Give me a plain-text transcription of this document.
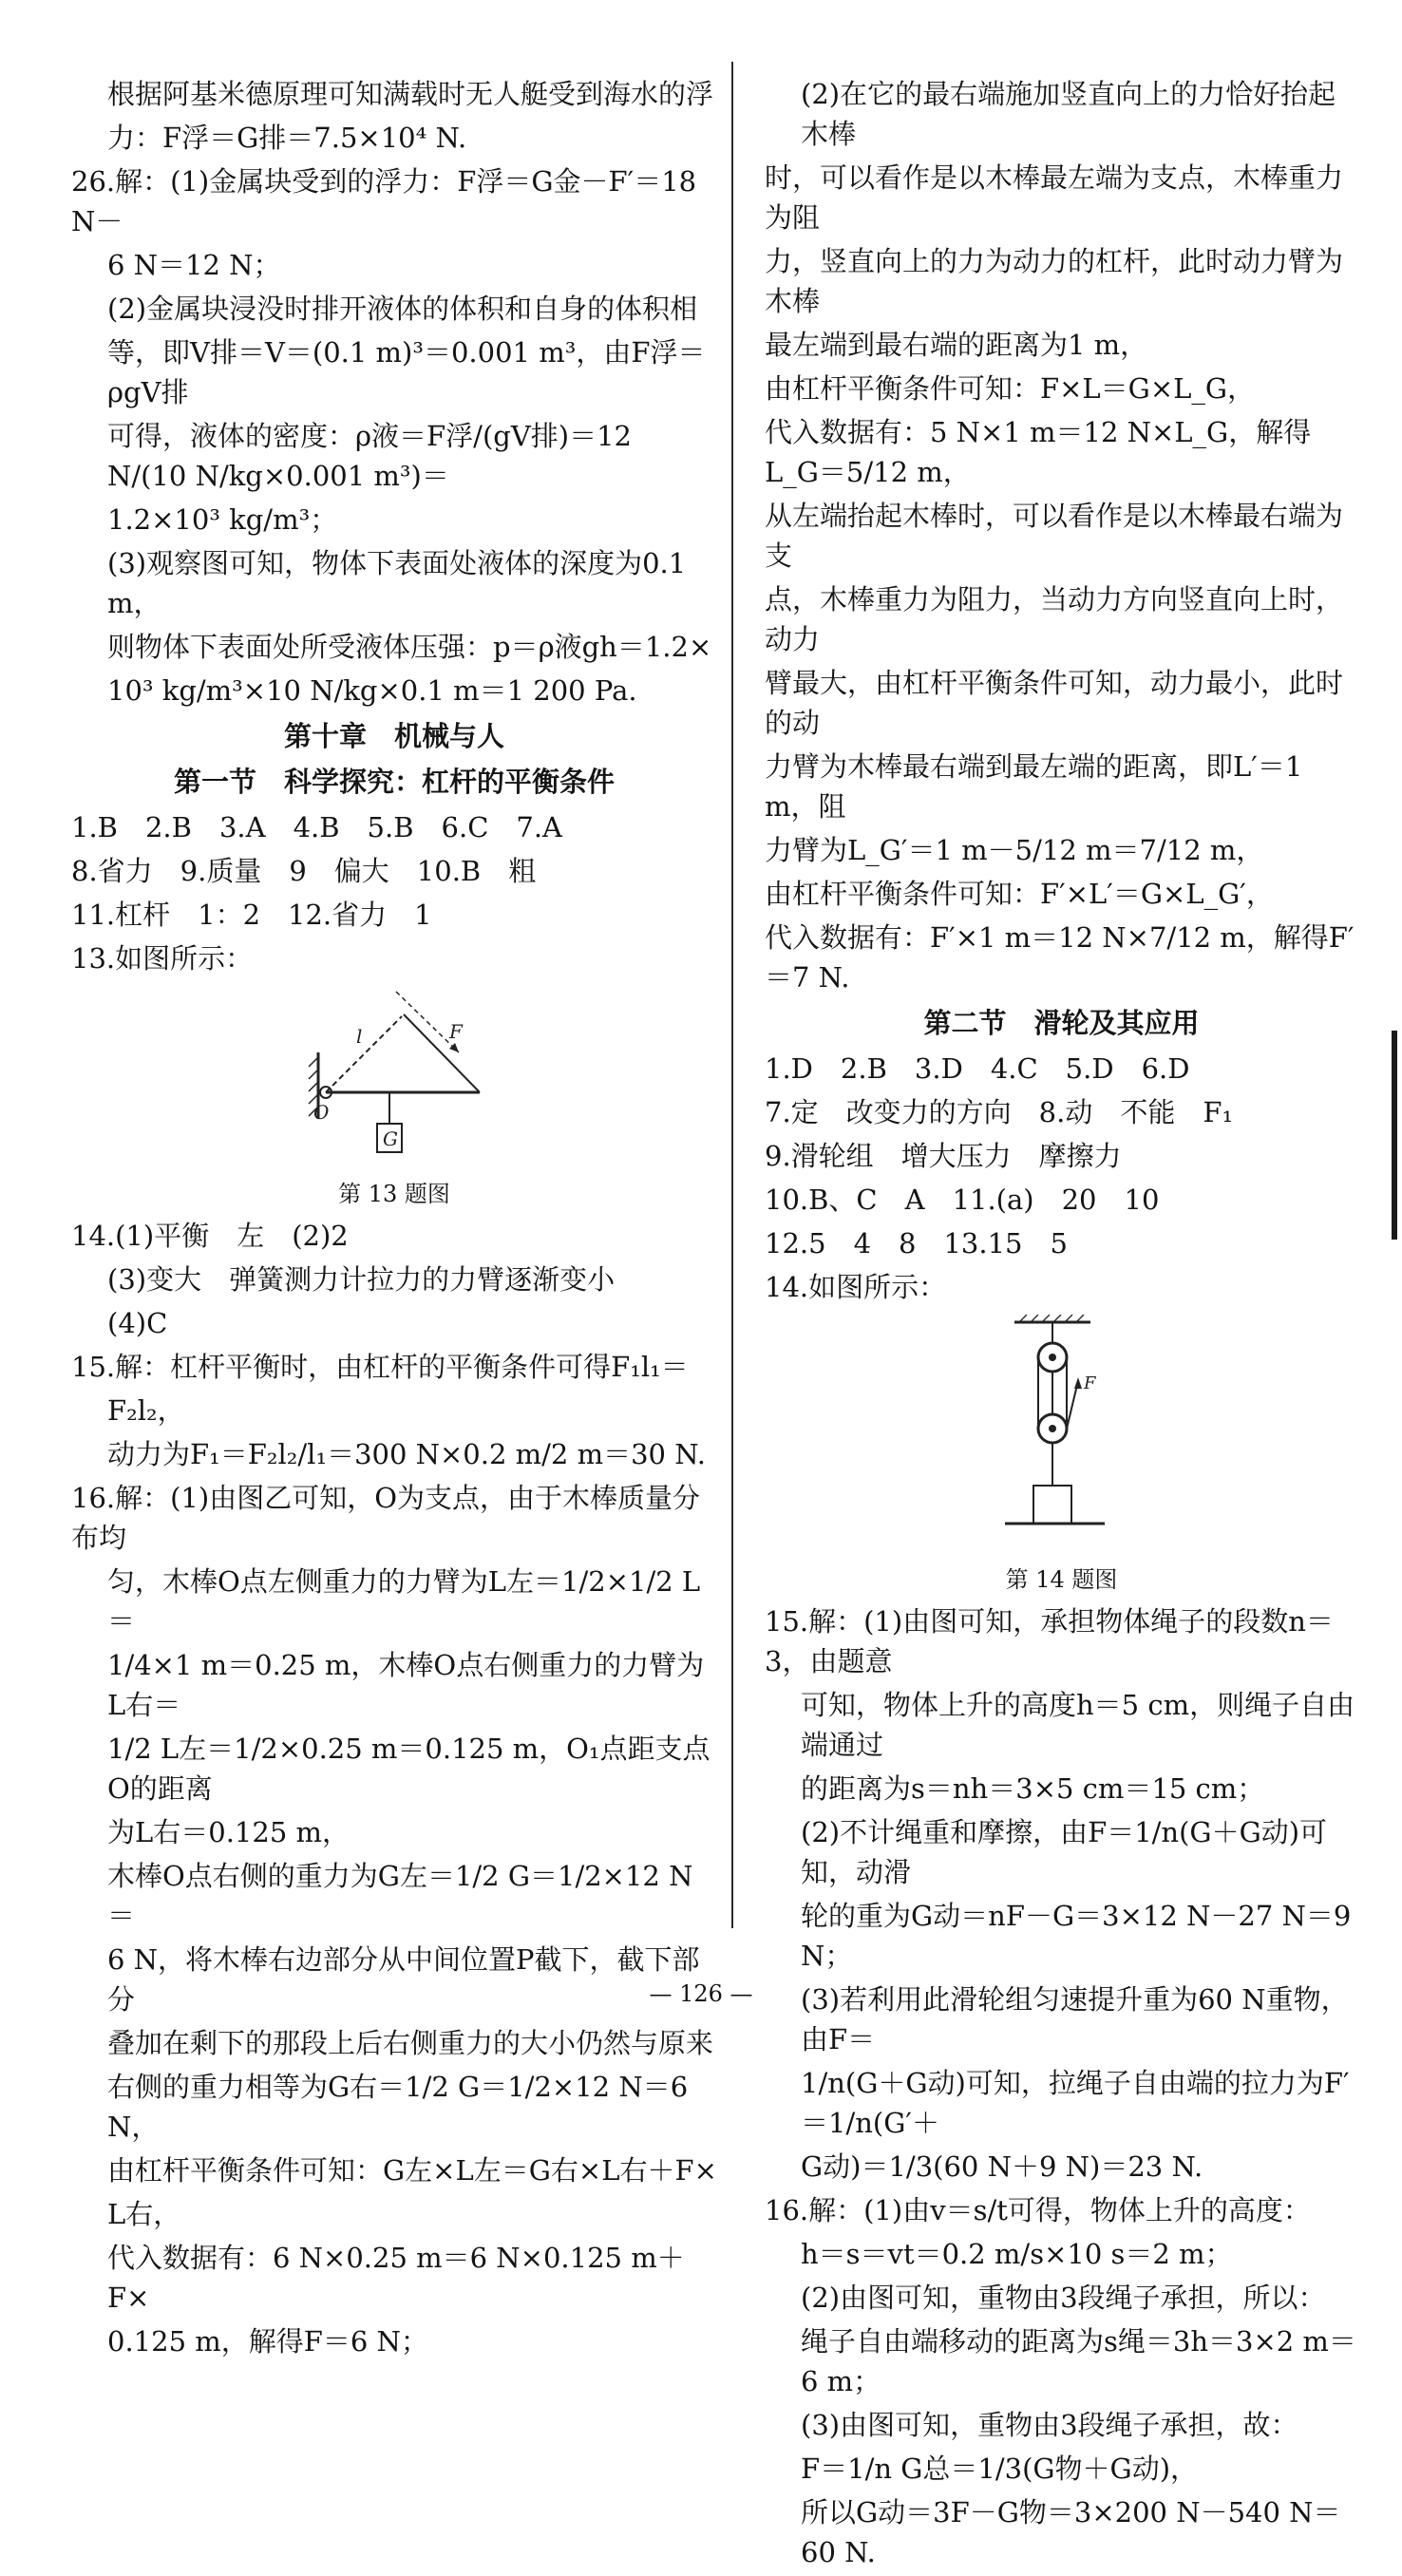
根据阿基米德原理可知满载时无人艇受到海水的浮

力：F浮＝G排＝7.5×10⁴ N.

26.解：(1)金属块受到的浮力：F浮＝G金－F′＝18 N－

6 N＝12 N；

(2)金属块浸没时排开液体的体积和自身的体积相

等，即V排＝V＝(0.1 m)³＝0.001 m³，由F浮＝ρgV排

可得，液体的密度：ρ液＝F浮/(gV排)＝12 N/(10 N/kg×0.001 m³)＝

1.2×10³ kg/m³；

(3)观察图可知，物体下表面处液体的深度为0.1 m，

则物体下表面处所受液体压强：p＝ρ液gh＝1.2×

10³ kg/m³×10 N/kg×0.1 m＝1 200 Pa.

第十章　机械与人

第一节　科学探究：杠杆的平衡条件

1.B　2.B　3.A　4.B　5.B　6.C　7.A

8.省力　9.质量　9　偏大　10.B　粗

11.杠杆　1：2　12.省力　1

13.如图所示：

l	F
O
G

第 13 题图

14.(1)平衡　左　(2)2

(3)变大　弹簧测力计拉力的力臂逐渐变小

(4)C

15.解：杠杆平衡时，由杠杆的平衡条件可得F₁l₁＝

F₂l₂，

动力为F₁＝F₂l₂/l₁＝300 N×0.2 m/2 m＝30 N.

16.解：(1)由图乙可知，O为支点，由于木棒质量分布均

匀，木棒O点左侧重力的力臂为L左＝1/2×1/2 L＝

1/4×1 m＝0.25 m，木棒O点右侧重力的力臂为L右＝

1/2 L左＝1/2×0.25 m＝0.125 m，O₁点距支点O的距离

为L右＝0.125 m，

木棒O点右侧的重力为G左＝1/2 G＝1/2×12 N＝

6 N，将木棒右边部分从中间位置P截下，截下部分

叠加在剩下的那段上后右侧重力的大小仍然与原来

右侧的重力相等为G右＝1/2 G＝1/2×12 N＝6 N，

由杠杆平衡条件可知：G左×L左＝G右×L右＋F×

L右，

代入数据有：6 N×0.25 m＝6 N×0.125 m＋F×

0.125 m，解得F＝6 N；

(2)在它的最右端施加竖直向上的力恰好抬起木棒

时，可以看作是以木棒最左端为支点，木棒重力为阻

力，竖直向上的力为动力的杠杆，此时动力臂为木棒

最左端到最右端的距离为1 m，

由杠杆平衡条件可知：F×L＝G×L_G，

代入数据有：5 N×1 m＝12 N×L_G，解得L_G＝5/12 m，

从左端抬起木棒时，可以看作是以木棒最右端为支

点，木棒重力为阻力，当动力方向竖直向上时，动力

臂最大，由杠杆平衡条件可知，动力最小，此时的动

力臂为木棒最右端到最左端的距离，即L′＝1 m，阻

力臂为L_G′＝1 m－5/12 m＝7/12 m，

由杠杆平衡条件可知：F′×L′＝G×L_G′，

代入数据有：F′×1 m＝12 N×7/12 m，解得F′＝7 N.

第二节　滑轮及其应用

1.D　2.B　3.D　4.C　5.D　6.D

7.定　改变力的方向　8.动　不能　F₁

9.滑轮组　增大压力　摩擦力

10.B、C　A　11.(a)　20　10

12.5　4　8　13.15　5

14.如图所示：

F

第 14 题图

15.解：(1)由图可知，承担物体绳子的段数n＝3，由题意

可知，物体上升的高度h＝5 cm，则绳子自由端通过

的距离为s＝nh＝3×5 cm＝15 cm；

(2)不计绳重和摩擦，由F＝1/n(G＋G动)可知，动滑

轮的重为G动＝nF－G＝3×12 N－27 N＝9 N；

(3)若利用此滑轮组匀速提升重为60 N重物，由F＝

1/n(G＋G动)可知，拉绳子自由端的拉力为F′＝1/n(G′＋

G动)＝1/3(60 N＋9 N)＝23 N.

16.解：(1)由v＝s/t可得，物体上升的高度：

h＝s＝vt＝0.2 m/s×10 s＝2 m；

(2)由图可知，重物由3段绳子承担，所以：

绳子自由端移动的距离为s绳＝3h＝3×2 m＝6 m；

(3)由图可知，重物由3段绳子承担，故：

F＝1/n G总＝1/3(G物＋G动)，

所以G动＝3F－G物＝3×200 N－540 N＝60 N.

— 126 —
